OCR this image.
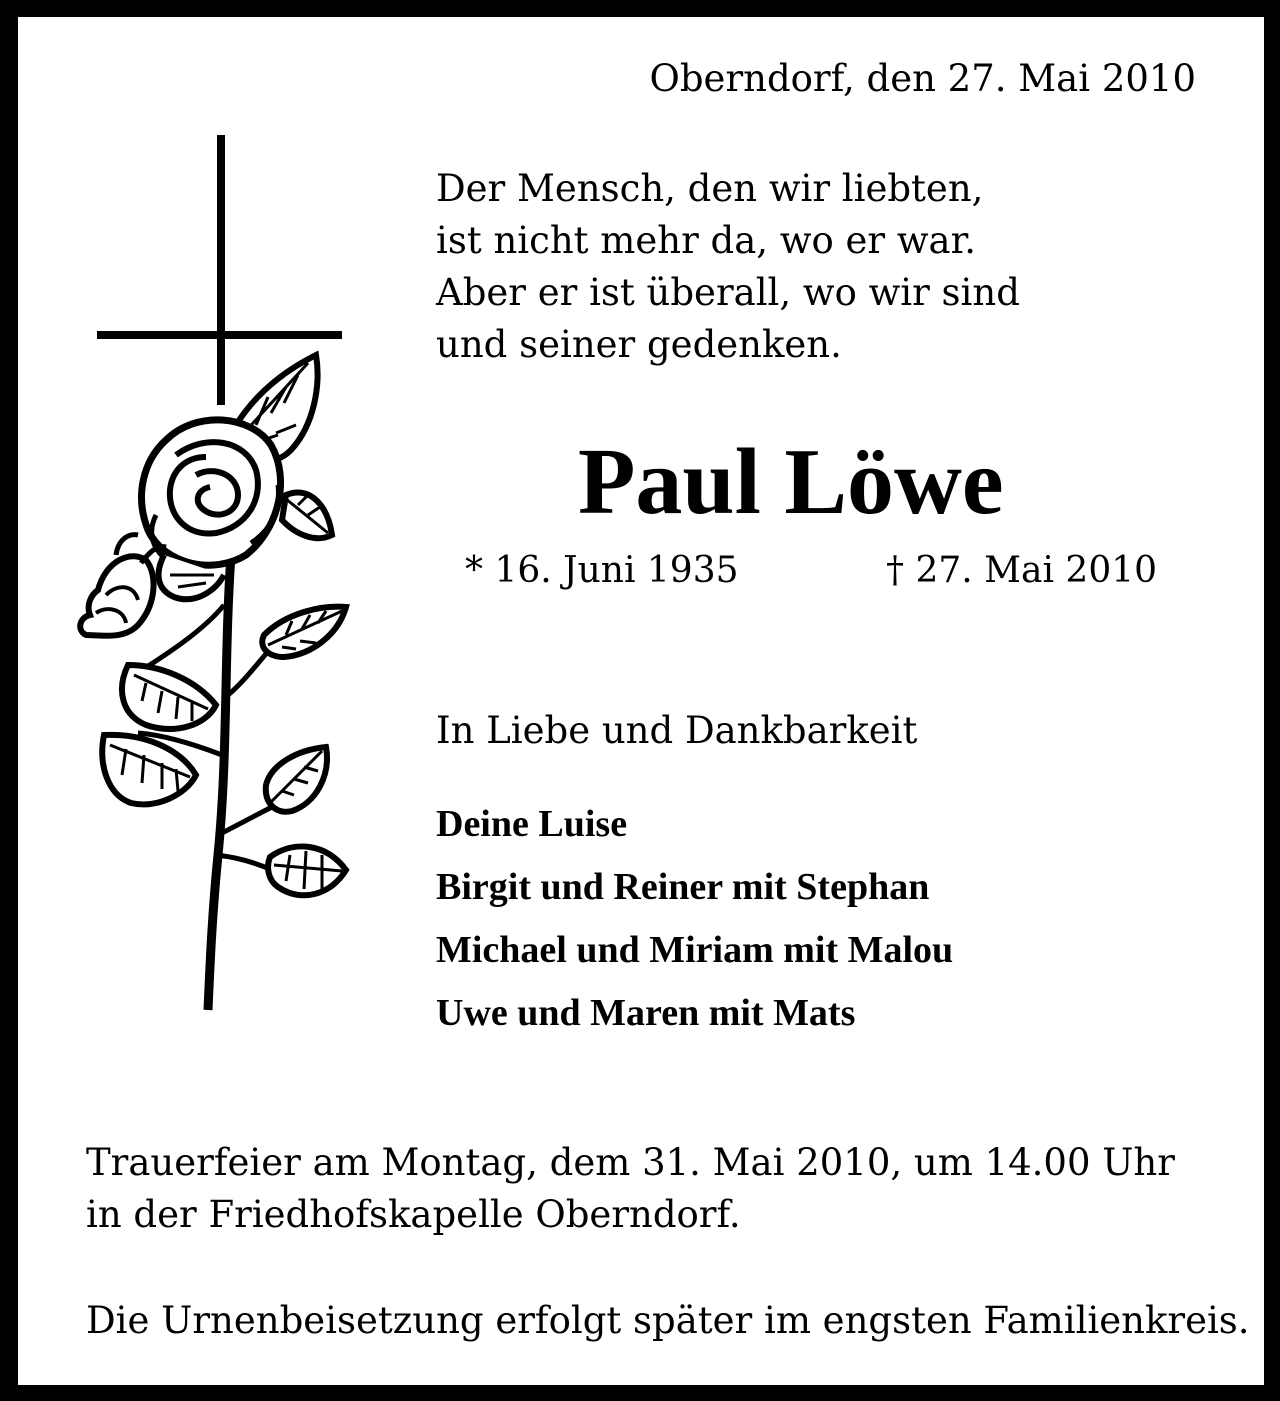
Oberndorf, den 27. Mai 2010
Der Mensch, den wir liebten,
ist nicht mehr da, wo er war.
Aber er ist überall, wo wir sind
und seiner gedenken.
Paul Löwe
* 16. Juni 1935	† 27. Mai 2010
In Liebe und Dankbarkeit
Deine Luise
Birgit und Reiner mit Stephan
Michael und Miriam mit Malou
Uwe und Maren mit Mats
Trauerfeier am Montag, dem 31. Mai 2010, um 14.00 Uhr
in der Friedhofskapelle Oberndorf.
Die Urnenbeisetzung erfolgt später im engsten Familienkreis.
